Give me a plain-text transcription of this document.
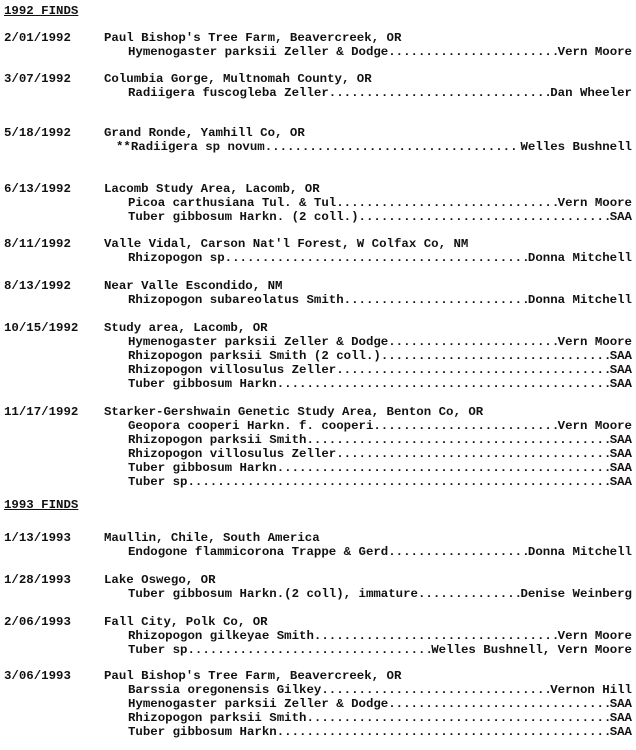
1992 FINDS
2/01/1992	Paul Bishop's Tree Farm, Beavercreek, OR
Hymenogaster parksii Zeller & Dodge .....	Vern Moore
3/07/1992	Columbia Gorge, Multnomah County, OR
Radiigera fuscogleba Zeller .....	Dan Wheeler
5/18/1992	Grand Ronde, Yamhill Co, OR
**Radiigera sp novum .....	Welles Bushnell
6/13/1992	Lacomb Study Area, Lacomb, OR
Picoa carthusiana Tul. & Tul .....	Vern Moore
Tuber gibbosum Harkn. (2 coll.) .....	SAA
8/11/1992	Valle Vidal, Carson Nat'l Forest, W Colfax Co, NM
Rhizopogon sp .....	Donna Mitchell
8/13/1992	Near Valle Escondido, NM
Rhizopogon subareolatus Smith .....	Donna Mitchell
10/15/1992 Study area, Lacomb, OR
Hymenogaster parksii Zeller & Dodge .....	Vern Moore
Rhizopogon parksii Smith (2 coll.) .....	SAA
Rhizopogon villosulus Zeller .....	SAA
Tuber gibbosum Harkn .....	SAA
11/17/1992 Starker-Gershwain Genetic Study Area, Benton Co, OR
Geopora cooperi Harkn. f. cooperi .....	Vern Moore
Rhizopogon parksii Smith .....	SAA
Rhizopogon villosulus Zeller .....	SAA
Tuber gibbosum Harkn .....	SAA
Tuber sp .....	SAA
1993 FINDS
1/13/1993	Maullin, Chile, South America
Endogone flammicorona Trappe & Gerd .....	Donna Mitchell
1/28/1993	Lake Oswego, OR
Tuber gibbosum Harkn.(2 coll), immature .....	Denise Weinberg
2/06/1993	Fall City, Polk Co, OR
Rhizopogon gilkeyae Smith .....	Vern Moore
Tuber sp .....	Welles Bushnell, Vern Moore
3/06/1993	Paul Bishop's Tree Farm, Beavercreek, OR
Barssia oregonensis Gilkey .....	Vernon Hill
Hymenogaster parksii Zeller & Dodge .....	SAA
Rhizopogon parksii Smith .....	SAA
Tuber gibbosum Harkn .....	SAA
